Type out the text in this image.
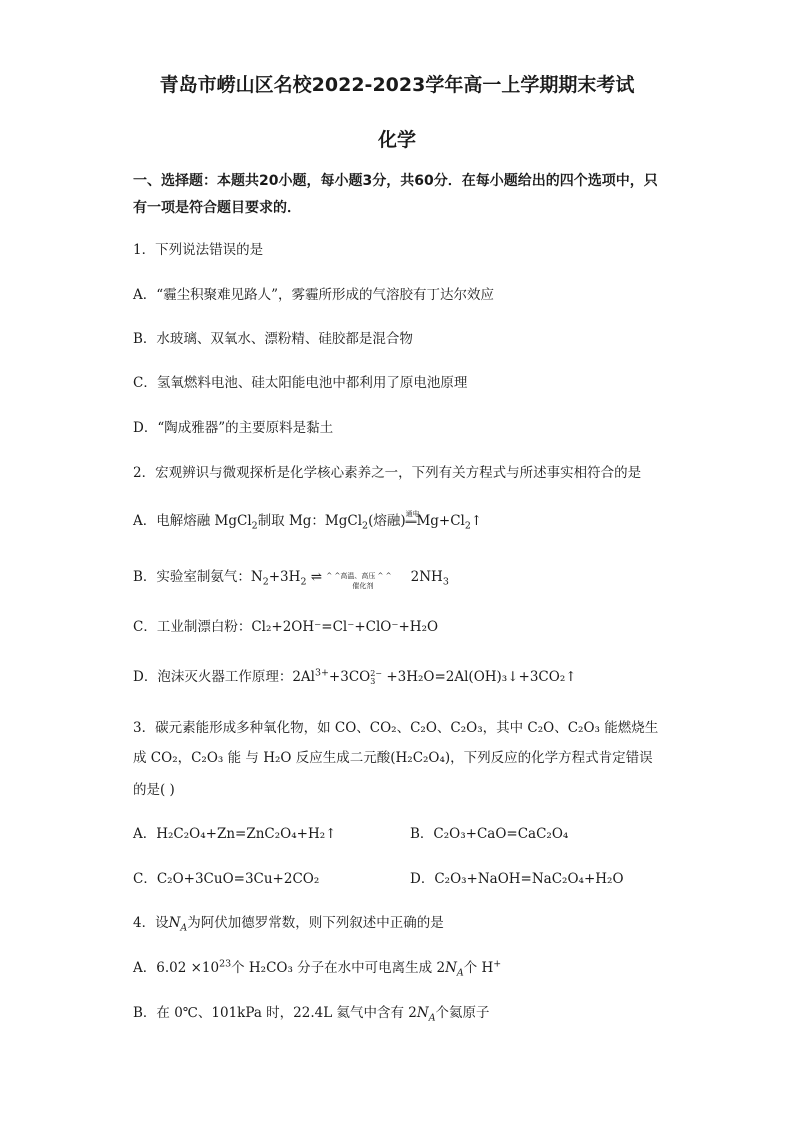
青岛市崂山区名校2022-2023学年高一上学期期末考试
化学
一、选择题：本题共20小题，每小题3分，共60分．在每小题给出的四个选项中，只
有一项是符合题目要求的．
1．下列说法错误的是
A．“霾尘积聚难见路人”，雾霾所形成的气溶胶有丁达尔效应
B．水玻璃、双氧水、漂粉精、硅胶都是混合物
C．氢氧燃料电池、硅太阳能电池中都利用了原电池原理
D．“陶成雅器”的主要原料是黏土
2．宏观辨识与微观探析是化学核心素养之一，下列有关方程式与所述事实相符合的是
A．电解熔融 MgCl$_2$制取 Mg：MgCl$_2$(熔融) 通电
$══Mg+Cl_2↑$
B．实验室制氨气：$N_2+3H_2$ ⇌ ^ ^高温、高压 ^ ^
催化剂
$2NH_3$
C．工业制漂白粉：Cl₂+2OH⁻=Cl⁻+ClO⁻+H₂O
D．泡沫灭火器工作原理：$2Al^{3+}+3CO$ 2−
3 +3H₂O=2Al(OH)₃↓+3CO₂↑
3．碳元素能形成多种氧化物，如 CO、CO₂、C₂O、C₂O₃，其中 C₂O、C₂O₃ 能燃烧生
成 CO₂，C₂O₃ 能 与 H₂O 反应生成二元酸(H₂C₂O₄)，下列反应的化学方程式肯定错误
的是( )
A．H₂C₂O₄+Zn=ZnC₂O₄+H₂↑	B．C₂O₃+CaO=CaC₂O₄
C．C₂O+3CuO=3Cu+2CO₂	D．C₂O₃+NaOH=NaC₂O₄+H₂O
4．设$N_A$为阿伏加德罗常数，则下列叙述中正确的是
A．$6.02 \times 10^{23}$个 H₂CO₃ 分子在水中可电离生成 $2N_A$个 H+
B．在 0℃、101kPa 时，22.4L 氦气中含有 $2N_A$个氦原子
